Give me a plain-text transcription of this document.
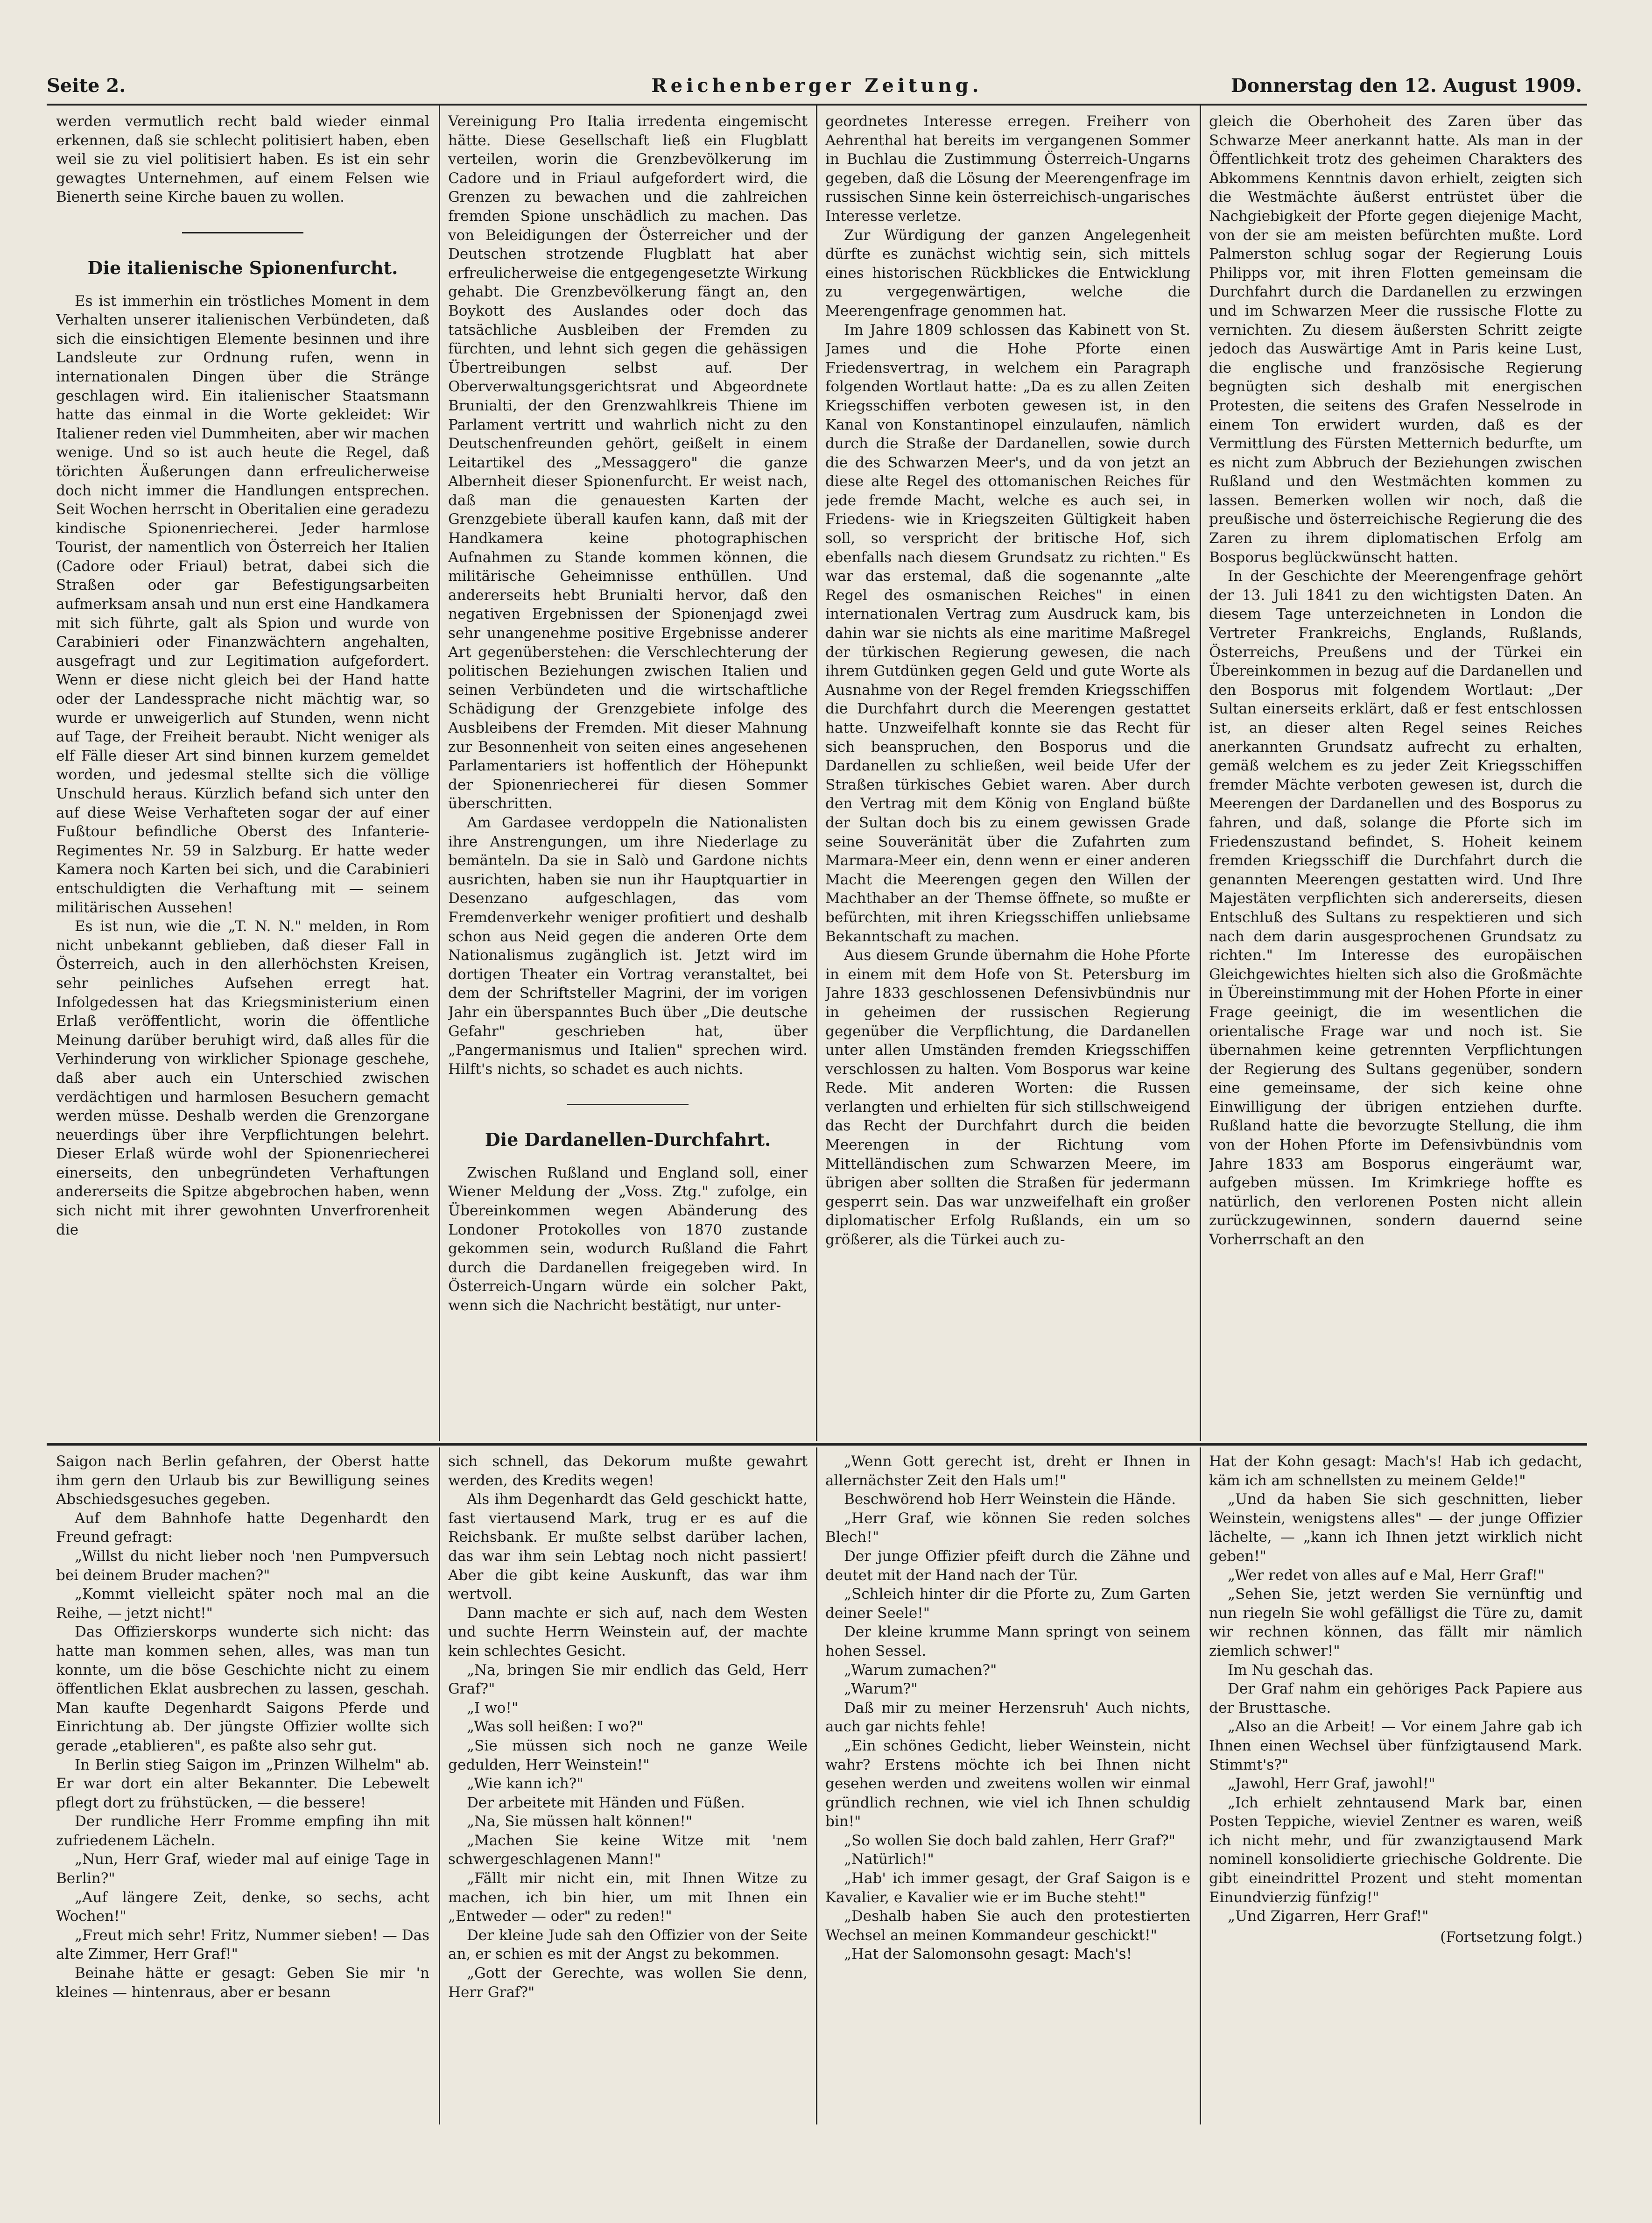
Seite 2.	Reichenberger Zeitung.	Donnerstag den 12. August 1909.

werden vermutlich recht bald wieder einmal erkennen, daß sie schlecht politisiert haben, eben weil sie zu viel politisiert haben. Es ist ein sehr gewagtes Unternehmen, auf einem Felsen wie Bienerth seine Kirche bauen zu wollen.

Die italienische Spionenfurcht.

Es ist immerhin ein tröstliches Moment in dem Verhalten unserer italienischen Verbündeten, daß sich die einsichtigen Elemente besinnen und ihre Landsleute zur Ordnung rufen, wenn in internationalen Dingen über die Stränge geschlagen wird. Ein italienischer Staatsmann hatte das einmal in die Worte gekleidet: Wir Italiener reden viel Dummheiten, aber wir machen wenige. Und so ist auch heute die Regel, daß törichten Äußerungen dann erfreulicherweise doch nicht immer die Handlungen entsprechen. Seit Wochen herrscht in Oberitalien eine geradezu kindische Spionenriecherei. Jeder harmlose Tourist, der namentlich von Österreich her Italien (Cadore oder Friaul) betrat, dabei sich die Straßen oder gar Befestigungsarbeiten aufmerksam ansah und nun erst eine Handkamera mit sich führte, galt als Spion und wurde von Carabinieri oder Finanzwächtern angehalten, ausgefragt und zur Legitimation aufgefordert. Wenn er diese nicht gleich bei der Hand hatte oder der Landessprache nicht mächtig war, so wurde er unweigerlich auf Stunden, wenn nicht auf Tage, der Freiheit beraubt. Nicht weniger als elf Fälle dieser Art sind binnen kurzem gemeldet worden, und jedesmal stellte sich die völlige Unschuld heraus. Kürzlich befand sich unter den auf diese Weise Verhafteten sogar der auf einer Fußtour befindliche Oberst des Infanterie-Regimentes Nr. 59 in Salzburg. Er hatte weder Kamera noch Karten bei sich, und die Carabinieri entschuldigten die Verhaftung mit — seinem militärischen Aussehen!

Es ist nun, wie die „T. N. N." melden, in Rom nicht unbekannt geblieben, daß dieser Fall in Österreich, auch in den allerhöchsten Kreisen, sehr peinliches Aufsehen erregt hat. Infolgedessen hat das Kriegsministerium einen Erlaß veröffentlicht, worin die öffentliche Meinung darüber beruhigt wird, daß alles für die Verhinderung von wirklicher Spionage geschehe, daß aber auch ein Unterschied zwischen verdächtigen und harmlosen Besuchern gemacht werden müsse. Deshalb werden die Grenzorgane neuerdings über ihre Verpflichtungen belehrt. Dieser Erlaß würde wohl der Spionenriecherei einerseits, den unbegründeten Verhaftungen andererseits die Spitze abgebrochen haben, wenn sich nicht mit ihrer gewohnten Unverfrorenheit die

Vereinigung Pro Italia irredenta eingemischt hätte. Diese Gesellschaft ließ ein Flugblatt verteilen, worin die Grenzbevölkerung im Cadore und in Friaul aufgefordert wird, die Grenzen zu bewachen und die zahlreichen fremden Spione unschädlich zu machen. Das von Beleidigungen der Österreicher und der Deutschen strotzende Flugblatt hat aber erfreulicherweise die entgegengesetzte Wirkung gehabt. Die Grenzbevölkerung fängt an, den Boykott des Auslandes oder doch das tatsächliche Ausbleiben der Fremden zu fürchten, und lehnt sich gegen die gehässigen Übertreibungen selbst auf. Der Oberverwaltungsgerichtsrat und Abgeordnete Brunialti, der den Grenzwahlkreis Thiene im Parlament vertritt und wahrlich nicht zu den Deutschenfreunden gehört, geißelt in einem Leitartikel des „Messaggero" die ganze Albernheit dieser Spionenfurcht. Er weist nach, daß man die genauesten Karten der Grenzgebiete überall kaufen kann, daß mit der Handkamera keine photographischen Aufnahmen zu Stande kommen können, die militärische Geheimnisse enthüllen. Und andererseits hebt Brunialti hervor, daß den negativen Ergebnissen der Spionenjagd zwei sehr unangenehme positive Ergebnisse anderer Art gegenüberstehen: die Verschlechterung der politischen Beziehungen zwischen Italien und seinen Verbündeten und die wirtschaftliche Schädigung der Grenzgebiete infolge des Ausbleibens der Fremden. Mit dieser Mahnung zur Besonnenheit von seiten eines angesehenen Parlamentariers ist hoffentlich der Höhepunkt der Spionenriecherei für diesen Sommer überschritten.

Am Gardasee verdoppeln die Nationalisten ihre Anstrengungen, um ihre Niederlage zu bemänteln. Da sie in Salò und Gardone nichts ausrichten, haben sie nun ihr Hauptquartier in Desenzano aufgeschlagen, das vom Fremdenverkehr weniger profitiert und deshalb schon aus Neid gegen die anderen Orte dem Nationalismus zugänglich ist. Jetzt wird im dortigen Theater ein Vortrag veranstaltet, bei dem der Schriftsteller Magrini, der im vorigen Jahr ein überspanntes Buch über „Die deutsche Gefahr" geschrieben hat, über „Pangermanismus und Italien" sprechen wird. Hilft's nichts, so schadet es auch nichts.

Die Dardanellen-Durchfahrt.

Zwischen Rußland und England soll, einer Wiener Meldung der „Voss. Ztg." zufolge, ein Übereinkommen wegen Abänderung des Londoner Protokolles von 1870 zustande gekommen sein, wodurch Rußland die Fahrt durch die Dardanellen freigegeben wird. In Österreich-Ungarn würde ein solcher Pakt, wenn sich die Nachricht bestätigt, nur unter-

geordnetes Interesse erregen. Freiherr von Aehrenthal hat bereits im vergangenen Sommer in Buchlau die Zustimmung Österreich-Ungarns gegeben, daß die Lösung der Meerengenfrage im russischen Sinne kein österreichisch-ungarisches Interesse verletze.

Zur Würdigung der ganzen Angelegenheit dürfte es zunächst wichtig sein, sich mittels eines historischen Rückblickes die Entwicklung zu vergegenwärtigen, welche die Meerengenfrage genommen hat.

Im Jahre 1809 schlossen das Kabinett von St. James und die Hohe Pforte einen Friedensvertrag, in welchem ein Paragraph folgenden Wortlaut hatte: „Da es zu allen Zeiten Kriegsschiffen verboten gewesen ist, in den Kanal von Konstantinopel einzulaufen, nämlich durch die Straße der Dardanellen, sowie durch die des Schwarzen Meer's, und da von jetzt an diese alte Regel des ottomanischen Reiches für jede fremde Macht, welche es auch sei, in Friedens- wie in Kriegszeiten Gültigkeit haben soll, so verspricht der britische Hof, sich ebenfalls nach diesem Grundsatz zu richten." Es war das erstemal, daß die sogenannte „alte Regel des osmanischen Reiches" in einen internationalen Vertrag zum Ausdruck kam, bis dahin war sie nichts als eine maritime Maßregel der türkischen Regierung gewesen, die nach ihrem Gutdünken gegen Geld und gute Worte als Ausnahme von der Regel fremden Kriegsschiffen die Durchfahrt durch die Meerengen gestattet hatte. Unzweifelhaft konnte sie das Recht für sich beanspruchen, den Bosporus und die Dardanellen zu schließen, weil beide Ufer der Straßen türkisches Gebiet waren. Aber durch den Vertrag mit dem König von England büßte der Sultan doch bis zu einem gewissen Grade seine Souveränität über die Zufahrten zum Marmara-Meer ein, denn wenn er einer anderen Macht die Meerengen gegen den Willen der Machthaber an der Themse öffnete, so mußte er befürchten, mit ihren Kriegsschiffen unliebsame Bekanntschaft zu machen.

Aus diesem Grunde übernahm die Hohe Pforte in einem mit dem Hofe von St. Petersburg im Jahre 1833 geschlossenen Defensivbündnis nur in geheimen der russischen Regierung gegenüber die Verpflichtung, die Dardanellen unter allen Umständen fremden Kriegsschiffen verschlossen zu halten. Vom Bosporus war keine Rede. Mit anderen Worten: die Russen verlangten und erhielten für sich stillschweigend das Recht der Durchfahrt durch die beiden Meerengen in der Richtung vom Mittelländischen zum Schwarzen Meere, im übrigen aber sollten die Straßen für jedermann gesperrt sein. Das war unzweifelhaft ein großer diplomatischer Erfolg Rußlands, ein um so größerer, als die Türkei auch zu-

gleich die Oberhoheit des Zaren über das Schwarze Meer anerkannt hatte. Als man in der Öffentlichkeit trotz des geheimen Charakters des Abkommens Kenntnis davon erhielt, zeigten sich die Westmächte äußerst entrüstet über die Nachgiebigkeit der Pforte gegen diejenige Macht, von der sie am meisten befürchten mußte. Lord Palmerston schlug sogar der Regierung Louis Philipps vor, mit ihren Flotten gemeinsam die Durchfahrt durch die Dardanellen zu erzwingen und im Schwarzen Meer die russische Flotte zu vernichten. Zu diesem äußersten Schritt zeigte jedoch das Auswärtige Amt in Paris keine Lust, die englische und französische Regierung begnügten sich deshalb mit energischen Protesten, die seitens des Grafen Nesselrode in einem Ton erwidert wurden, daß es der Vermittlung des Fürsten Metternich bedurfte, um es nicht zum Abbruch der Beziehungen zwischen Rußland und den Westmächten kommen zu lassen. Bemerken wollen wir noch, daß die preußische und österreichische Regierung die des Zaren zu ihrem diplomatischen Erfolg am Bosporus beglückwünscht hatten.

In der Geschichte der Meerengenfrage gehört der 13. Juli 1841 zu den wichtigsten Daten. An diesem Tage unterzeichneten in London die Vertreter Frankreichs, Englands, Rußlands, Österreichs, Preußens und der Türkei ein Übereinkommen in bezug auf die Dardanellen und den Bosporus mit folgendem Wortlaut: „Der Sultan einerseits erklärt, daß er fest entschlossen ist, an dieser alten Regel seines Reiches anerkannten Grundsatz aufrecht zu erhalten, gemäß welchem es zu jeder Zeit Kriegsschiffen fremder Mächte verboten gewesen ist, durch die Meerengen der Dardanellen und des Bosporus zu fahren, und daß, solange die Pforte sich im Friedenszustand befindet, S. Hoheit keinem fremden Kriegsschiff die Durchfahrt durch die genannten Meerengen gestatten wird. Und Ihre Majestäten verpflichten sich andererseits, diesen Entschluß des Sultans zu respektieren und sich nach dem darin ausgesprochenen Grundsatz zu richten." Im Interesse des europäischen Gleichgewichtes hielten sich also die Großmächte in Übereinstimmung mit der Hohen Pforte in einer Frage geeinigt, die im wesentlichen die orientalische Frage war und noch ist. Sie übernahmen keine getrennten Verpflichtungen der Regierung des Sultans gegenüber, sondern eine gemeinsame, der sich keine ohne Einwilligung der übrigen entziehen durfte. Rußland hatte die bevorzugte Stellung, die ihm von der Hohen Pforte im Defensivbündnis vom Jahre 1833 am Bosporus eingeräumt war, aufgeben müssen. Im Krimkriege hoffte es natürlich, den verlorenen Posten nicht allein zurückzugewinnen, sondern dauernd seine Vorherrschaft an den

Saigon nach Berlin gefahren, der Oberst hatte ihm gern den Urlaub bis zur Bewilligung seines Abschiedsgesuches gegeben.

Auf dem Bahnhofe hatte Degenhardt den Freund gefragt:

„Willst du nicht lieber noch 'nen Pumpversuch bei deinem Bruder machen?"

„Kommt vielleicht später noch mal an die Reihe, — jetzt nicht!"

Das Offizierskorps wunderte sich nicht: das hatte man kommen sehen, alles, was man tun konnte, um die böse Geschichte nicht zu einem öffentlichen Eklat ausbrechen zu lassen, geschah. Man kaufte Degenhardt Saigons Pferde und Einrichtung ab. Der jüngste Offizier wollte sich gerade „etablieren", es paßte also sehr gut.

In Berlin stieg Saigon im „Prinzen Wilhelm" ab. Er war dort ein alter Bekannter. Die Lebewelt pflegt dort zu frühstücken, — die bessere!

Der rundliche Herr Fromme empfing ihn mit zufriedenem Lächeln.

„Nun, Herr Graf, wieder mal auf einige Tage in Berlin?"

„Auf längere Zeit, denke, so sechs, acht Wochen!"

„Freut mich sehr! Fritz, Nummer sieben! — Das alte Zimmer, Herr Graf!"

Beinahe hätte er gesagt: Geben Sie mir 'n kleines — hintenraus, aber er besann

sich schnell, das Dekorum mußte gewahrt werden, des Kredits wegen!

Als ihm Degenhardt das Geld geschickt hatte, fast viertausend Mark, trug er es auf die Reichsbank. Er mußte selbst darüber lachen, das war ihm sein Lebtag noch nicht passiert! Aber die gibt keine Auskunft, das war ihm wertvoll.

Dann machte er sich auf, nach dem Westen und suchte Herrn Weinstein auf, der machte kein schlechtes Gesicht.

„Na, bringen Sie mir endlich das Geld, Herr Graf?"

„I wo!"

„Was soll heißen: I wo?"

„Sie müssen sich noch ne ganze Weile gedulden, Herr Weinstein!"

„Wie kann ich?"

Der arbeitete mit Händen und Füßen.

„Na, Sie müssen halt können!"

„Machen Sie keine Witze mit 'nem schwergeschlagenen Mann!"

„Fällt mir nicht ein, mit Ihnen Witze zu machen, ich bin hier, um mit Ihnen ein „Entweder — oder" zu reden!"

Der kleine Jude sah den Offizier von der Seite an, er schien es mit der Angst zu bekommen.

„Gott der Gerechte, was wollen Sie denn, Herr Graf?"

„Wenn Gott gerecht ist, dreht er Ihnen in allernächster Zeit den Hals um!"

Beschwörend hob Herr Weinstein die Hände.

„Herr Graf, wie können Sie reden solches Blech!"

Der junge Offizier pfeift durch die Zähne und deutet mit der Hand nach der Tür.

„Schleich hinter dir die Pforte zu, Zum Garten deiner Seele!"

Der kleine krumme Mann springt von seinem hohen Sessel.

„Warum zumachen?"

„Warum?"

Daß mir zu meiner Herzensruh' Auch nichts, auch gar nichts fehle!

„Ein schönes Gedicht, lieber Weinstein, nicht wahr? Erstens möchte ich bei Ihnen nicht gesehen werden und zweitens wollen wir einmal gründlich rechnen, wie viel ich Ihnen schuldig bin!"

„So wollen Sie doch bald zahlen, Herr Graf?"

„Natürlich!"

„Hab' ich immer gesagt, der Graf Saigon is e Kavalier, e Kavalier wie er im Buche steht!"

„Deshalb haben Sie auch den protestierten Wechsel an meinen Kommandeur geschickt!"

„Hat der Salomonsohn gesagt: Mach's!

Hat der Kohn gesagt: Mach's! Hab ich gedacht, käm ich am schnellsten zu meinem Gelde!"

„Und da haben Sie sich geschnitten, lieber Weinstein, wenigstens alles" — der junge Offizier lächelte, — „kann ich Ihnen jetzt wirklich nicht geben!"

„Wer redet von alles auf e Mal, Herr Graf!"

„Sehen Sie, jetzt werden Sie vernünftig und nun riegeln Sie wohl gefälligst die Türe zu, damit wir rechnen können, das fällt mir nämlich ziemlich schwer!"

Im Nu geschah das.

Der Graf nahm ein gehöriges Pack Papiere aus der Brusttasche.

„Also an die Arbeit! — Vor einem Jahre gab ich Ihnen einen Wechsel über fünfzigtausend Mark. Stimmt's?"

„Jawohl, Herr Graf, jawohl!"

„Ich erhielt zehntausend Mark bar, einen Posten Teppiche, wieviel Zentner es waren, weiß ich nicht mehr, und für zwanzigtausend Mark nominell konsolidierte griechische Goldrente. Die gibt eineindrittel Prozent und steht momentan Einundvierzig fünfzig!"

„Und Zigarren, Herr Graf!"

(Fortsetzung folgt.)
